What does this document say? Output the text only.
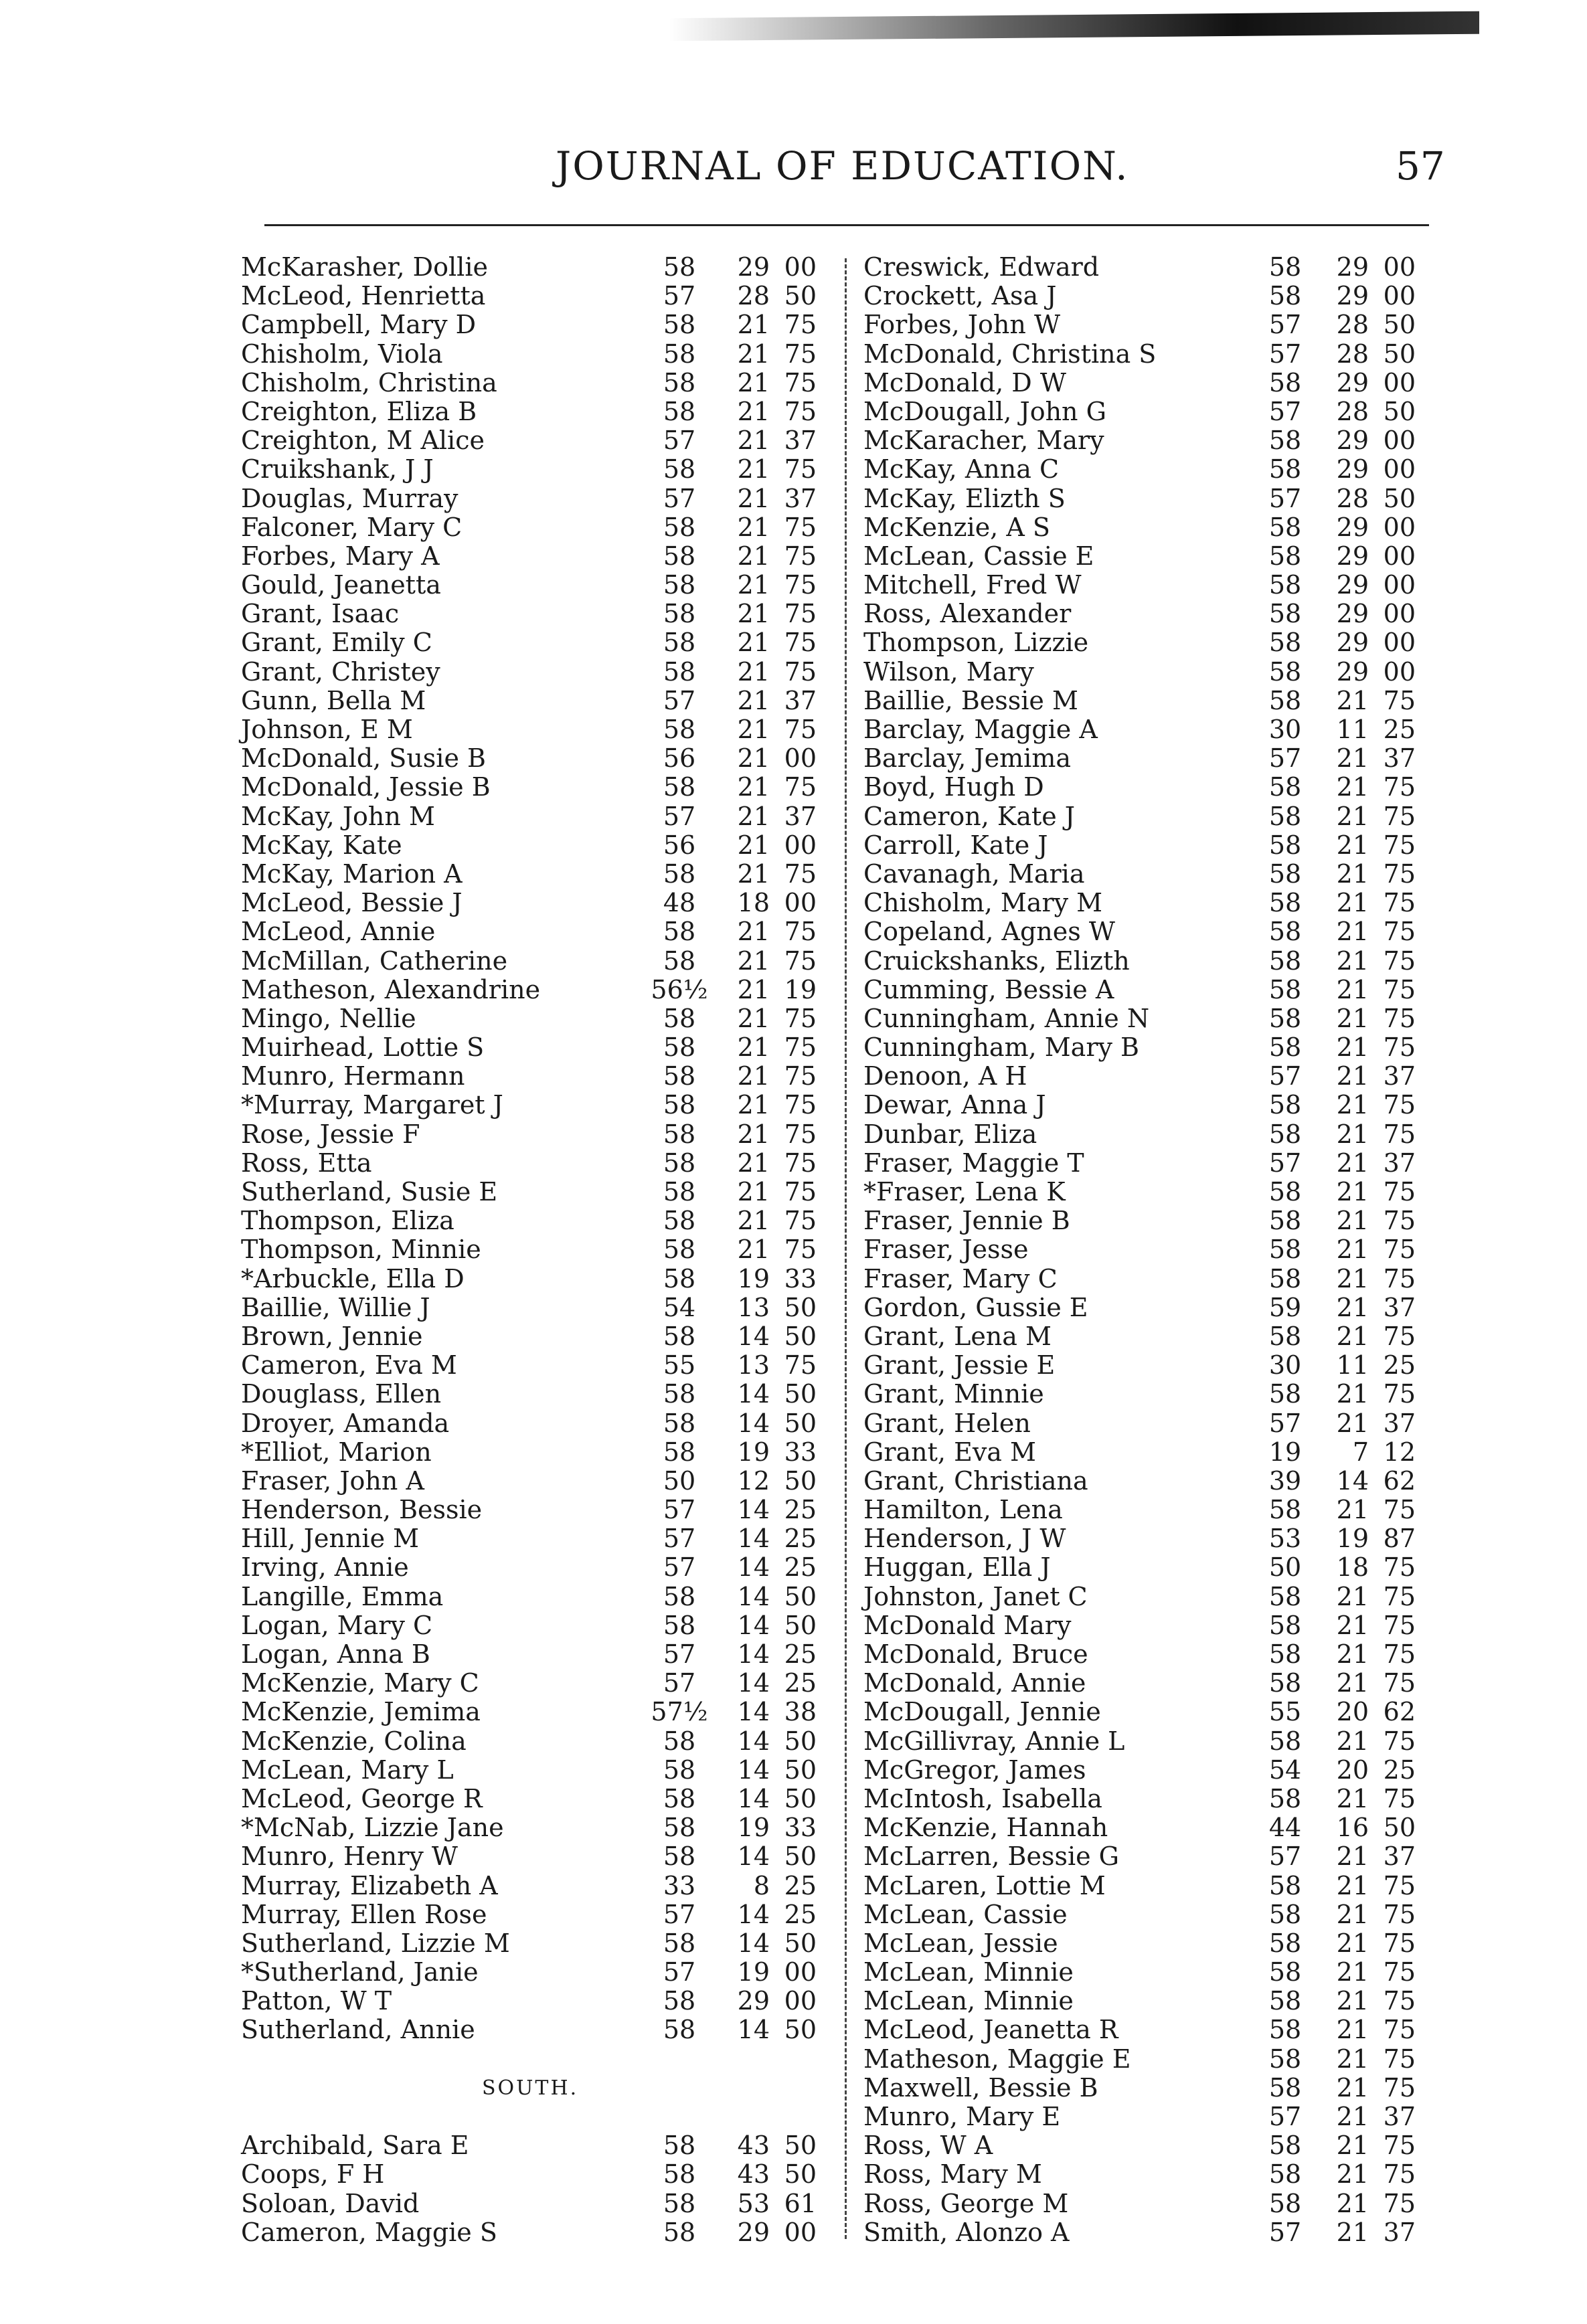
JOURNAL OF EDUCATION.	57
McKarasher, Dollie	58	29 00
McLeod, Henrietta	57	28 50
Campbell, Mary D	58	21 75
Chisholm, Viola	58	21 75
Chisholm, Christina	58	21 75
Creighton, Eliza B	58	21 75
Creighton, M Alice	57	21 37
Cruikshank, J J	58	21 75
Douglas, Murray	57	21 37
Falconer, Mary C	58	21 75
Forbes, Mary A	58	21 75
Gould, Jeanetta	58	21 75
Grant, Isaac	58	21 75
Grant, Emily C	58	21 75
Grant, Christey	58	21 75
Gunn, Bella M	57	21 37
Johnson, E M	58	21 75
McDonald, Susie B	56	21 00
McDonald, Jessie B	58	21 75
McKay, John M	57	21 37
McKay, Kate	56	21 00
McKay, Marion A	58	21 75
McLeod, Bessie J	48	18 00
McLeod, Annie	58	21 75
McMillan, Catherine	58	21 75
Matheson, Alexandrine	56½	21 19
Mingo, Nellie	58	21 75
Muirhead, Lottie S	58	21 75
Munro, Hermann	58	21 75
*Murray, Margaret J	58	21 75
Rose, Jessie F	58	21 75
Ross, Etta	58	21 75
Sutherland, Susie E	58	21 75
Thompson, Eliza	58	21 75
Thompson, Minnie	58	21 75
*Arbuckle, Ella D	58	19 33
Baillie, Willie J	54	13 50
Brown, Jennie	58	14 50
Cameron, Eva M	55	13 75
Douglass, Ellen	58	14 50
Droyer, Amanda	58	14 50
*Elliot, Marion	58	19 33
Fraser, John A	50	12 50
Henderson, Bessie	57	14 25
Hill, Jennie M	57	14 25
Irving, Annie	57	14 25
Langille, Emma	58	14 50
Logan, Mary C	58	14 50
Logan, Anna B	57	14 25
McKenzie, Mary C	57	14 25
McKenzie, Jemima	57½	14 38
McKenzie, Colina	58	14 50
McLean, Mary L	58	14 50
McLeod, George R	58	14 50
*McNab, Lizzie Jane	58	19 33
Munro, Henry W	58	14 50
Murray, Elizabeth A	33	8 25
Murray, Ellen Rose	57	14 25
Sutherland, Lizzie M	58	14 50
*Sutherland, Janie	57	19 00
Patton, W T	58	29 00
Sutherland, Annie	58	14 50
SOUTH.
Archibald, Sara E	58	43 50
Coops, F H	58	43 50
Soloan, David	58	53 61
Cameron, Maggie S	58	29 00
Creswick, Edward	58	29 00
Crockett, Asa J	58	29 00
Forbes, John W	57	28 50
McDonald, Christina S	57	28 50
McDonald, D W	58	29 00
McDougall, John G	57	28 50
McKaracher, Mary	58	29 00
McKay, Anna C	58	29 00
McKay, Elizth S	57	28 50
McKenzie, A S	58	29 00
McLean, Cassie E	58	29 00
Mitchell, Fred W	58	29 00
Ross, Alexander	58	29 00
Thompson, Lizzie	58	29 00
Wilson, Mary	58	29 00
Baillie, Bessie M	58	21 75
Barclay, Maggie A	30	11 25
Barclay, Jemima	57	21 37
Boyd, Hugh D	58	21 75
Cameron, Kate J	58	21 75
Carroll, Kate J	58	21 75
Cavanagh, Maria	58	21 75
Chisholm, Mary M	58	21 75
Copeland, Agnes W	58	21 75
Cruickshanks, Elizth	58	21 75
Cumming, Bessie A	58	21 75
Cunningham, Annie N	58	21 75
Cunningham, Mary B	58	21 75
Denoon, A H	57	21 37
Dewar, Anna J	58	21 75
Dunbar, Eliza	58	21 75
Fraser, Maggie T	57	21 37
*Fraser, Lena K	58	21 75
Fraser, Jennie B	58	21 75
Fraser, Jesse	58	21 75
Fraser, Mary C	58	21 75
Gordon, Gussie E	59	21 37
Grant, Lena M	58	21 75
Grant, Jessie E	30	11 25
Grant, Minnie	58	21 75
Grant, Helen	57	21 37
Grant, Eva M	19	7 12
Grant, Christiana	39	14 62
Hamilton, Lena	58	21 75
Henderson, J W	53	19 87
Huggan, Ella J	50	18 75
Johnston, Janet C	58	21 75
McDonald Mary	58	21 75
McDonald, Bruce	58	21 75
McDonald, Annie	58	21 75
McDougall, Jennie	55	20 62
McGillivray, Annie L	58	21 75
McGregor, James	54	20 25
McIntosh, Isabella	58	21 75
McKenzie, Hannah	44	16 50
McLarren, Bessie G	57	21 37
McLaren, Lottie M	58	21 75
McLean, Cassie	58	21 75
McLean, Jessie	58	21 75
McLean, Minnie	58	21 75
McLean, Minnie	58	21 75
McLeod, Jeanetta R	58	21 75
Matheson, Maggie E	58	21 75
Maxwell, Bessie B	58	21 75
Munro, Mary E	57	21 37
Ross, W A	58	21 75
Ross, Mary M	58	21 75
Ross, George M	58	21 75
Smith, Alonzo A	57	21 37
